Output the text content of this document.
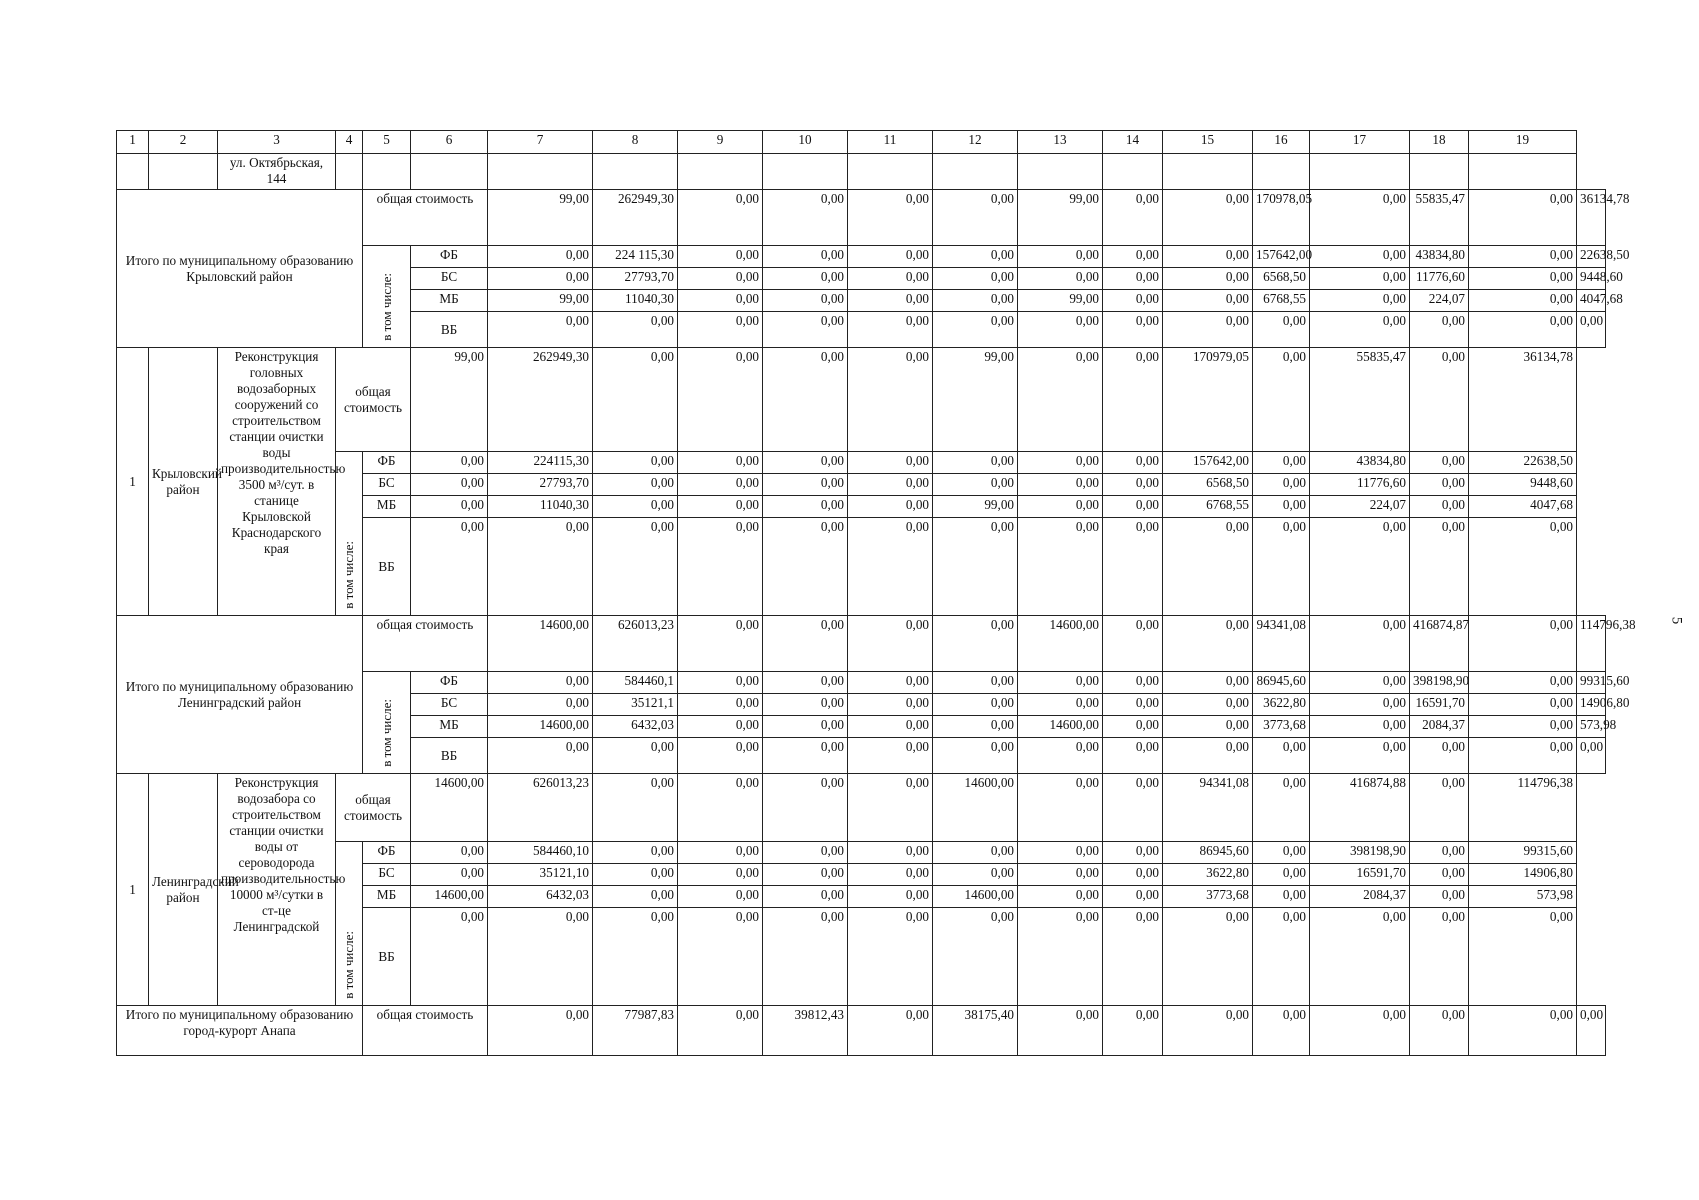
1	2	3	4	5	6	7	8	9	10	11	12	13	14	15	16	17	18	19	
		ул. Октябрьская, 144																	
Итого по муниципальному образованию Крыловский район				общая стоимость		99,00	262949,30	0,00	0,00	0,00	0,00	99,00	0,00	0,00	170978,05	0,00	55835,47	0,00	36134,78
				в том числе:	ФБ	0,00	224 115,30	0,00	0,00	0,00	0,00	0,00	0,00	0,00	157642,00	0,00	43834,80	0,00	22638,50
					БС	0,00	27793,70	0,00	0,00	0,00	0,00	0,00	0,00	0,00	6568,50	0,00	11776,60	0,00	9448,60
					МБ	99,00	11040,30	0,00	0,00	0,00	0,00	99,00	0,00	0,00	6768,55	0,00	224,07	0,00	4047,68
					ВБ	0,00	0,00	0,00	0,00	0,00	0,00	0,00	0,00	0,00	0,00	0,00	0,00	0,00	0,00
1	Крыловский район	Реконструкция головных водозаборных сооружений со строительством станции очистки воды производительностью 3500 м³/сут. в станице Крыловской Краснодарского края	общая стоимость		99,00	262949,30	0,00	0,00	0,00	0,00	99,00	0,00	0,00	170979,05	0,00	55835,47	0,00	36134,78	
			в том числе:	ФБ	0,00	224115,30	0,00	0,00	0,00	0,00	0,00	0,00	0,00	157642,00	0,00	43834,80	0,00	22638,50	
				БС	0,00	27793,70	0,00	0,00	0,00	0,00	0,00	0,00	0,00	6568,50	0,00	11776,60	0,00	9448,60	
				МБ	0,00	11040,30	0,00	0,00	0,00	0,00	99,00	0,00	0,00	6768,55	0,00	224,07	0,00	4047,68	
				ВБ	0,00	0,00	0,00	0,00	0,00	0,00	0,00	0,00	0,00	0,00	0,00	0,00	0,00	0,00	
Итого по муниципальному образованию Ленинградский район				общая стоимость		14600,00	626013,23	0,00	0,00	0,00	0,00	14600,00	0,00	0,00	94341,08	0,00	416874,87	0,00	114796,38
				в том числе:	ФБ	0,00	584460,1	0,00	0,00	0,00	0,00	0,00	0,00	0,00	86945,60	0,00	398198,90	0,00	99315,60
					БС	0,00	35121,1	0,00	0,00	0,00	0,00	0,00	0,00	0,00	3622,80	0,00	16591,70	0,00	14906,80
					МБ	14600,00	6432,03	0,00	0,00	0,00	0,00	14600,00	0,00	0,00	3773,68	0,00	2084,37	0,00	573,98
					ВБ	0,00	0,00	0,00	0,00	0,00	0,00	0,00	0,00	0,00	0,00	0,00	0,00	0,00	0,00
1	Ленинградский район	Реконструкция водозабора со строительством станции очистки воды от сероводорода производительностью 10000 м³/сутки в ст-це Ленинградской	общая стоимость		14600,00	626013,23	0,00	0,00	0,00	0,00	14600,00	0,00	0,00	94341,08	0,00	416874,88	0,00	114796,38	
			в том числе:	ФБ	0,00	584460,10	0,00	0,00	0,00	0,00	0,00	0,00	0,00	86945,60	0,00	398198,90	0,00	99315,60	
				БС	0,00	35121,10	0,00	0,00	0,00	0,00	0,00	0,00	0,00	3622,80	0,00	16591,70	0,00	14906,80	
				МБ	14600,00	6432,03	0,00	0,00	0,00	0,00	14600,00	0,00	0,00	3773,68	0,00	2084,37	0,00	573,98	
				ВБ	0,00	0,00	0,00	0,00	0,00	0,00	0,00	0,00	0,00	0,00	0,00	0,00	0,00	0,00	
Итого по муниципальному образованию город-курорт Анапа				общая стоимость		0,00	77987,83	0,00	39812,43	0,00	38175,40	0,00	0,00	0,00	0,00	0,00	0,00	0,00	0,00
5
